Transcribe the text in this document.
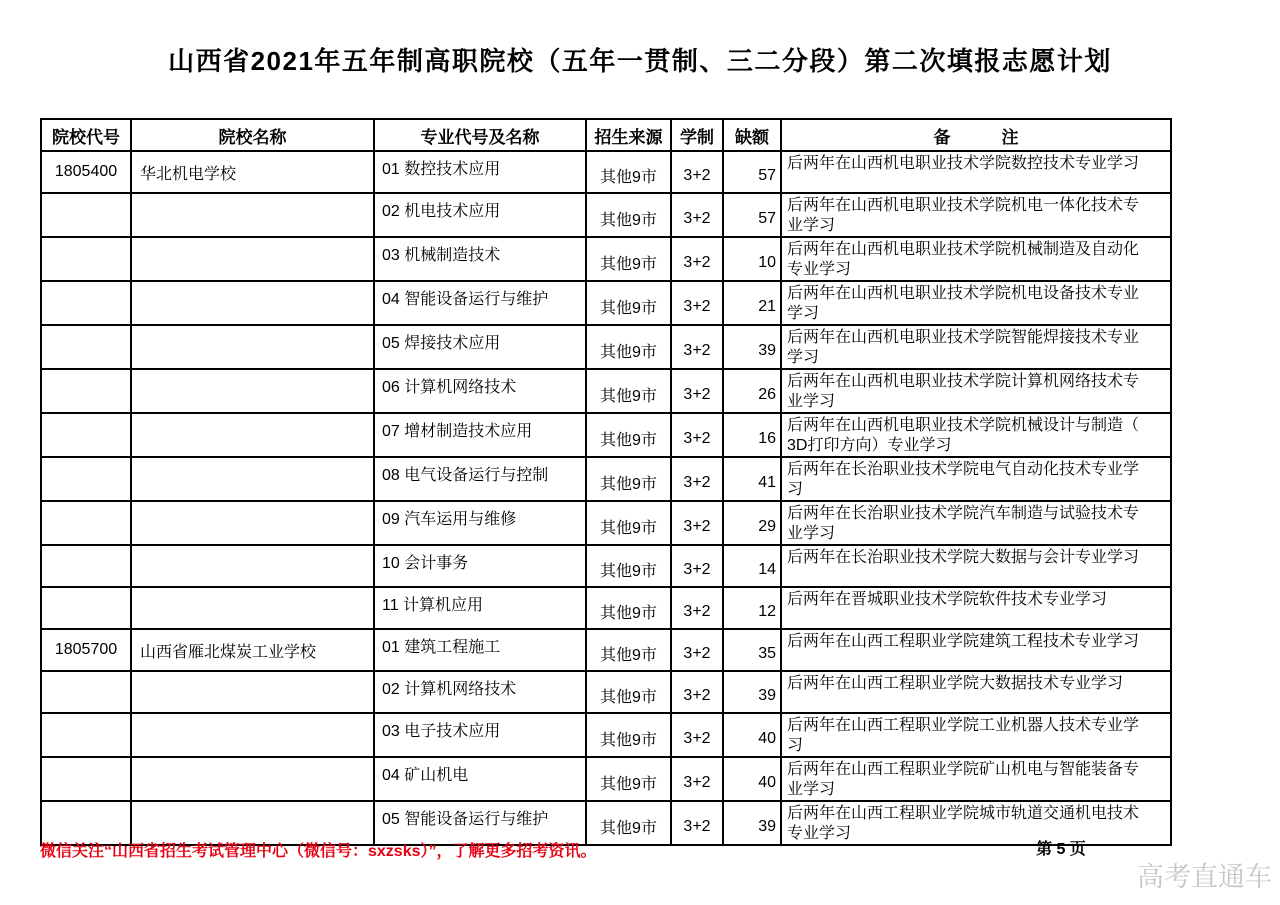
山西省2021年五年制高职院校（五年一贯制、三二分段）第二次填报志愿计划
院校代号	院校名称	专业代号及名称	招生来源	学制	缺额	备　　　注
1805400	华北机电学校	01 数控技术应用	其他9市	3+2	57	后两年在山西机电职业技术学院数控技术专业学习

		02 机电技术应用	其他9市	3+2	57	后两年在山西机电职业技术学院机电一体化技术专业学习

		03 机械制造技术	其他9市	3+2	10	后两年在山西机电职业技术学院机械制造及自动化专业学习

		04 智能设备运行与维护	其他9市	3+2	21	后两年在山西机电职业技术学院机电设备技术专业学习

		05 焊接技术应用	其他9市	3+2	39	后两年在山西机电职业技术学院智能焊接技术专业学习

		06 计算机网络技术	其他9市	3+2	26	后两年在山西机电职业技术学院计算机网络技术专业学习

		07 增材制造技术应用	其他9市	3+2	16	后两年在山西机电职业技术学院机械设计与制造（3D打印方向）专业学习

		08 电气设备运行与控制	其他9市	3+2	41	后两年在长治职业技术学院电气自动化技术专业学习

		09 汽车运用与维修	其他9市	3+2	29	后两年在长治职业技术学院汽车制造与试验技术专业学习

		10 会计事务	其他9市	3+2	14	后两年在长治职业技术学院大数据与会计专业学习

		11 计算机应用	其他9市	3+2	12	后两年在晋城职业技术学院软件技术专业学习

1805700	山西省雁北煤炭工业学校	01 建筑工程施工	其他9市	3+2	35	后两年在山西工程职业学院建筑工程技术专业学习

		02 计算机网络技术	其他9市	3+2	39	后两年在山西工程职业学院大数据技术专业学习

		03 电子技术应用	其他9市	3+2	40	后两年在山西工程职业学院工业机器人技术专业学习

		04 矿山机电	其他9市	3+2	40	后两年在山西工程职业学院矿山机电与智能装备专业学习

		05 智能设备运行与维护	其他9市	3+2	39	后两年在山西工程职业学院城市轨道交通机电技术专业学习
微信关注“山西省招生考试管理中心（微信号：sxzsks）”，了解更多招考资讯。	第 5 页
高考直通车
